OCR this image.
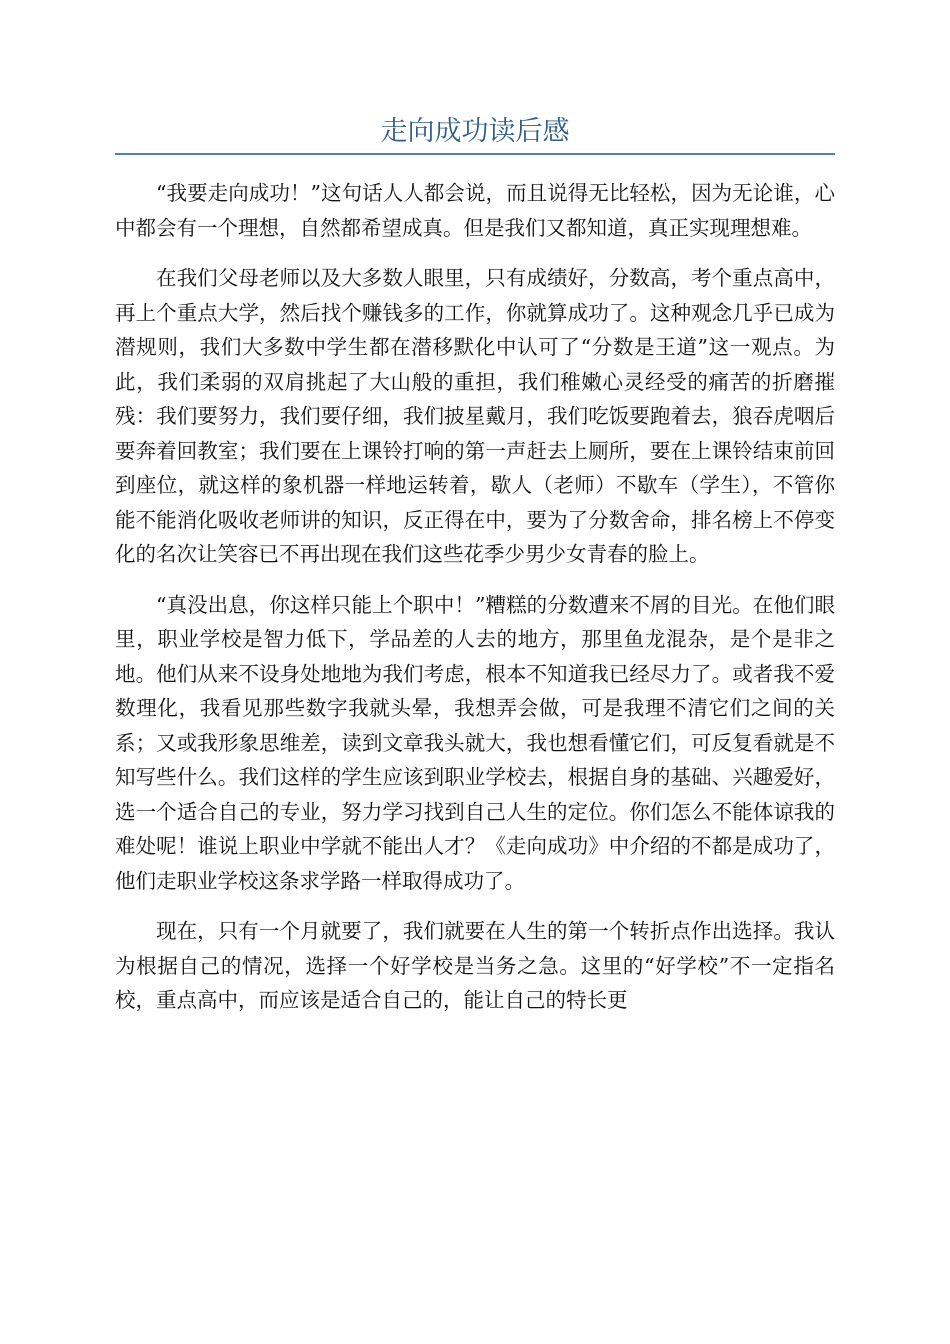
走向成功读后感

“我要走向成功！”这句话人人都会说，而且说得无比轻松，因为无论谁，心中都会有一个理想，自然都希望成真。但是我们又都知道，真正实现理想难。

在我们父母老师以及大多数人眼里，只有成绩好，分数高，考个重点高中，再上个重点大学，然后找个赚钱多的工作，你就算成功了。这种观念几乎已成为潜规则，我们大多数中学生都在潜移默化中认可了“分数是王道”这一观点。为此，我们柔弱的双肩挑起了大山般的重担，我们稚嫩心灵经受的痛苦的折磨摧残：我们要努力，我们要仔细，我们披星戴月，我们吃饭要跑着去，狼吞虎咽后要奔着回教室；我们要在上课铃打响的第一声赶去上厕所，要在上课铃结束前回到座位，就这样的象机器一样地运转着，歇人（老师）不歇车（学生），不管你能不能消化吸收老师讲的知识，反正得在中，要为了分数舍命，排名榜上不停变化的名次让笑容已不再出现在我们这些花季少男少女青春的脸上。

“真没出息，你这样只能上个职中！”糟糕的分数遭来不屑的目光。在他们眼里，职业学校是智力低下，学品差的人去的地方，那里鱼龙混杂，是个是非之地。他们从来不设身处地地为我们考虑，根本不知道我已经尽力了。或者我不爱数理化，我看见那些数字我就头晕，我想弄会做，可是我理不清它们之间的关系；又或我形象思维差，读到文章我头就大，我也想看懂它们，可反复看就是不知写些什么。我们这样的学生应该到职业学校去，根据自身的基础、兴趣爱好，选一个适合自己的专业，努力学习找到自己人生的定位。你们怎么不能体谅我的难处呢！谁说上职业中学就不能出人才？《走向成功》中介绍的不都是成功了，他们走职业学校这条求学路一样取得成功了。

现在，只有一个月就要了，我们就要在人生的第一个转折点作出选择。我认为根据自己的情况，选择一个好学校是当务之急。这里的“好学校”不一定指名校，重点高中，而应该是适合自己的，能让自己的特长更
